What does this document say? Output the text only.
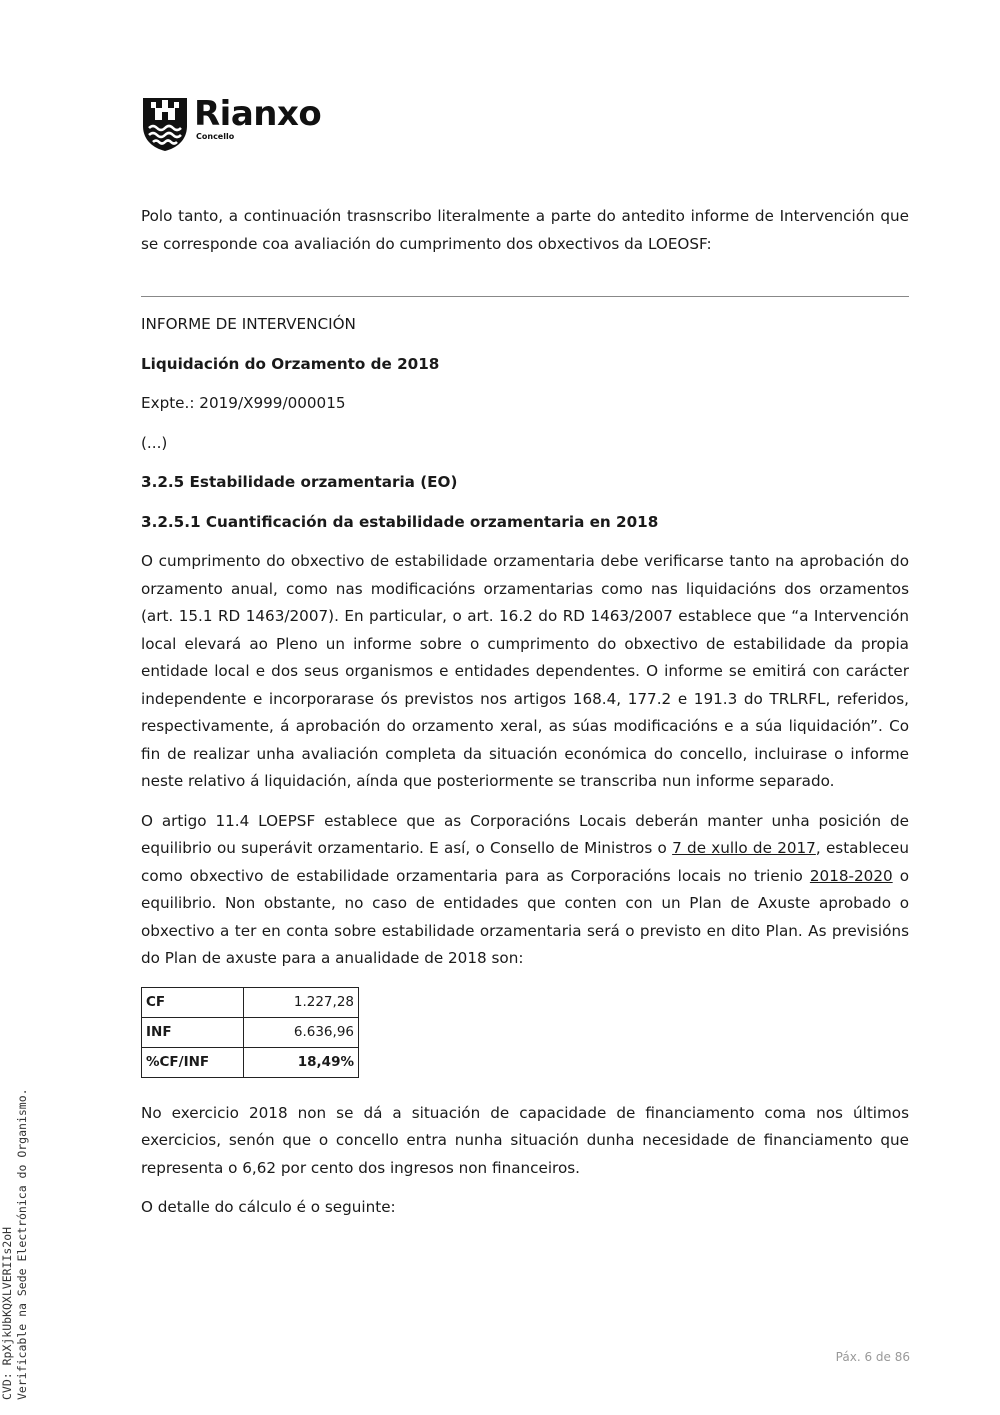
Rianxo
Concello

Polo tanto, a continuación trasnscribo literalmente a parte do antedito informe de Intervención que se corresponde coa avaliación do cumprimento dos obxectivos da LOEOSF:

INFORME DE INTERVENCIÓN

Liquidación do Orzamento de 2018

Expte.: 2019/X999/000015

(...)

3.2.5 Estabilidade orzamentaria (EO)

3.2.5.1 Cuantificación da estabilidade orzamentaria en 2018

O cumprimento do obxectivo de estabilidade orzamentaria debe verificarse tanto na aprobación do orzamento anual, como nas modificacións orzamentarias como nas liquidacións dos orzamentos (art. 15.1 RD 1463/2007). En particular, o art. 16.2 do RD 1463/2007 establece que “a Intervención local elevará ao Pleno un informe sobre o cumprimento do obxectivo de estabilidade da propia entidade local e dos seus organismos e entidades dependentes. O informe se emitirá con carácter independente e incorporarase ós previstos nos artigos 168.4, 177.2 e 191.3 do TRLRFL, referidos, respectivamente, á aprobación do orzamento xeral, as súas modificacións e a súa liquidación”. Co fin de realizar unha avaliación completa da situación económica do concello, incluirase o informe neste relativo á liquidación, aínda que posteriormente se transcriba nun informe separado.

O artigo 11.4 LOEPSF establece que as Corporacións Locais deberán manter unha posición de equilibrio ou superávit orzamentario. E así, o Consello de Ministros o 7 de xullo de 2017, estableceu como obxectivo de estabilidade orzamentaria para as Corporacións locais no trienio 2018-2020 o equilibrio. Non obstante, no caso de entidades que conten con un Plan de Axuste aprobado o obxectivo a ter en conta sobre estabilidade orzamentaria será o previsto en dito Plan. As previsións do Plan de axuste para a anualidade de 2018 son:

CF	1.227,28
INF	6.636,96
%CF/INF	18,49%

No exercicio 2018 non se dá a situación de capacidade de financiamento coma nos últimos exercicios, senón que o concello entra nunha situación dunha necesidade de financiamento que representa o 6,62 por cento dos ingresos non financeiros.

O detalle do cálculo é o seguinte:

CVD: RpXjkUbKQXLVERIIs2oH Verificable na Sede Electrónica do Organismo.	Páx. 6 de 86
